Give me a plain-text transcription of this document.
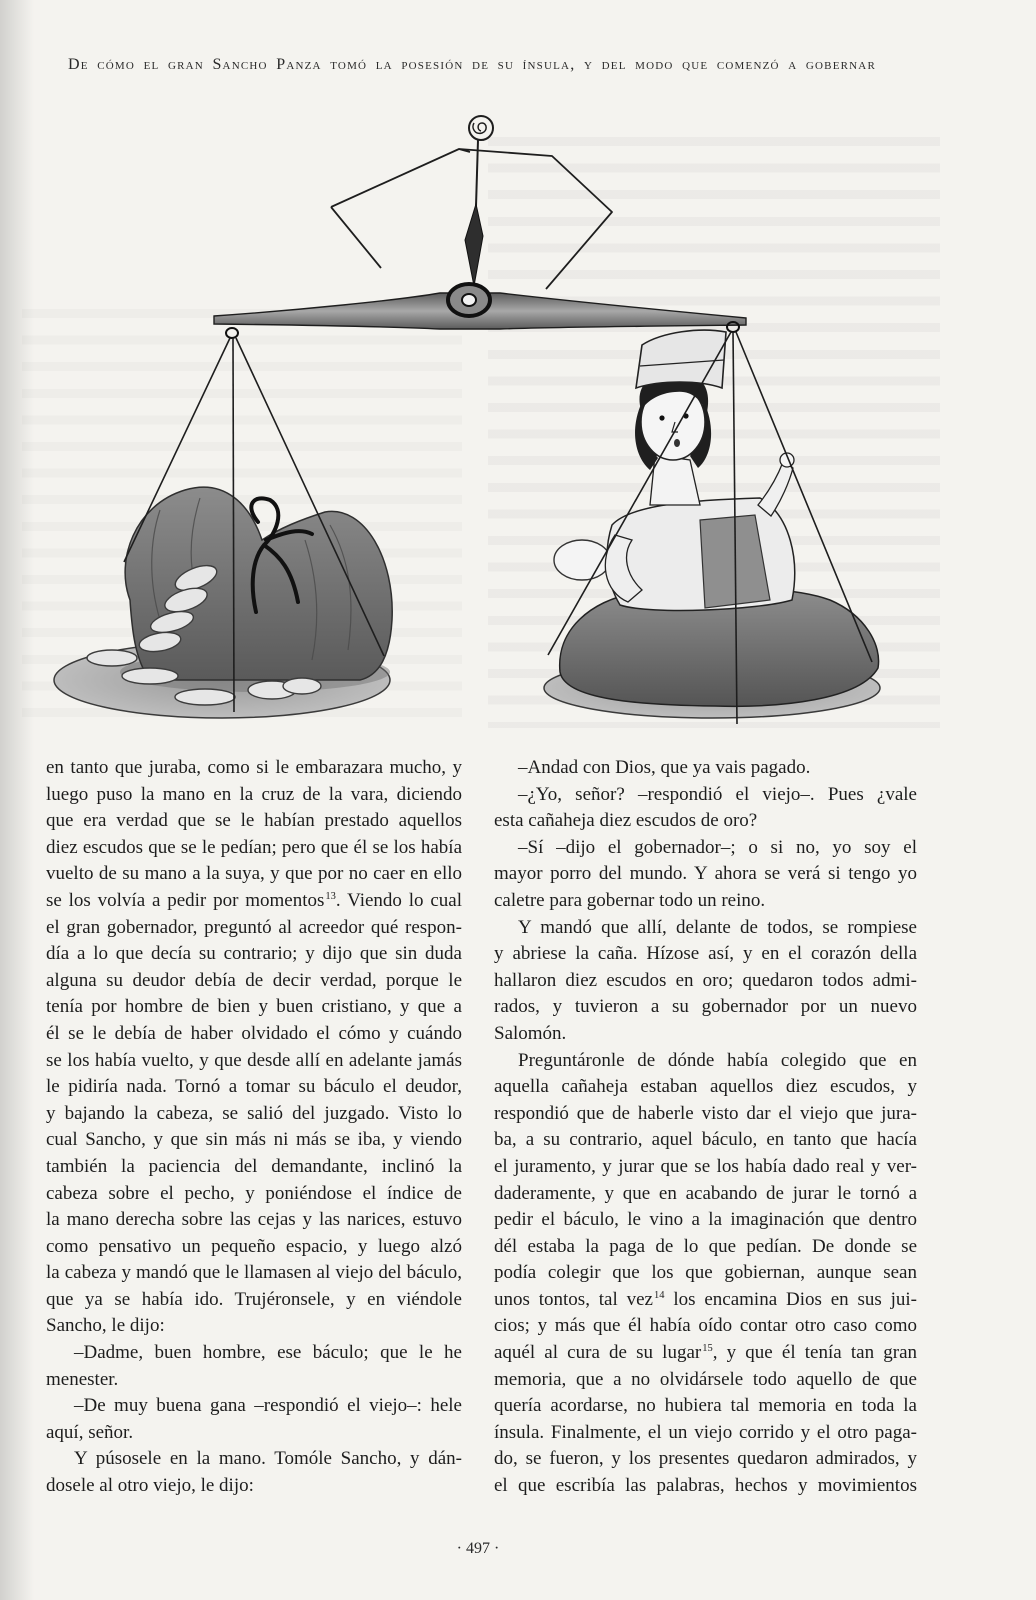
De cómo el gran Sancho Panza tomó la posesión de su ínsula, y del modo que comenzó a gobernar
en tanto que juraba, como si le embarazara mucho, y
luego puso la mano en la cruz de la vara, diciendo
que era verdad que se le habían prestado aquellos
diez escudos que se le pedían; pero que él se los había
vuelto de su mano a la suya, y que por no caer en ello
se los volvía a pedir por momentos$^{13}$. Viendo lo cual
el gran gobernador, preguntó al acreedor qué respon-
día a lo que decía su contrario; y dijo que sin duda
alguna su deudor debía de decir verdad, porque le
tenía por hombre de bien y buen cristiano, y que a
él se le debía de haber olvidado el cómo y cuándo
se los había vuelto, y que desde allí en adelante jamás
le pidiría nada. Tornó a tomar su báculo el deudor,
y bajando la cabeza, se salió del juzgado. Visto lo
cual Sancho, y que sin más ni más se iba, y viendo
también la paciencia del demandante, inclinó la
cabeza sobre el pecho, y poniéndose el índice de
la mano derecha sobre las cejas y las narices, estuvo
como pensativo un pequeño espacio, y luego alzó
la cabeza y mandó que le llamasen al viejo del báculo,
que ya se había ido. Trujéronsele, y en viéndole
Sancho, le dijo:
–Dadme, buen hombre, ese báculo; que le he
menester.
–De muy buena gana –respondió el viejo–: hele
aquí, señor.
Y púsosele en la mano. Tomóle Sancho, y dán-
dosele al otro viejo, le dijo:
–Andad con Dios, que ya vais pagado.
–¿Yo, señor? –respondió el viejo–. Pues ¿vale
esta cañaheja diez escudos de oro?
–Sí –dijo el gobernador–; o si no, yo soy el
mayor porro del mundo. Y ahora se verá si tengo yo
caletre para gobernar todo un reino.
Y mandó que allí, delante de todos, se rompiese
y abriese la caña. Hízose así, y en el corazón della
hallaron diez escudos en oro; quedaron todos admi-
rados, y tuvieron a su gobernador por un nuevo
Salomón.
Preguntáronle de dónde había colegido que en
aquella cañaheja estaban aquellos diez escudos, y
respondió que de haberle visto dar el viejo que jura-
ba, a su contrario, aquel báculo, en tanto que hacía
el juramento, y jurar que se los había dado real y ver-
daderamente, y que en acabando de jurar le tornó a
pedir el báculo, le vino a la imaginación que dentro
dél estaba la paga de lo que pedían. De donde se
podía colegir que los que gobiernan, aunque sean
unos tontos, tal vez$^{14}$ los encamina Dios en sus jui-
cios; y más que él había oído contar otro caso como
aquél al cura de su lugar$^{15}$, y que él tenía tan gran
memoria, que a no olvidársele todo aquello de que
quería acordarse, no hubiera tal memoria en toda la
ínsula. Finalmente, el un viejo corrido y el otro paga-
do, se fueron, y los presentes quedaron admirados, y
el que escribía las palabras, hechos y movimientos
· 497 ·
